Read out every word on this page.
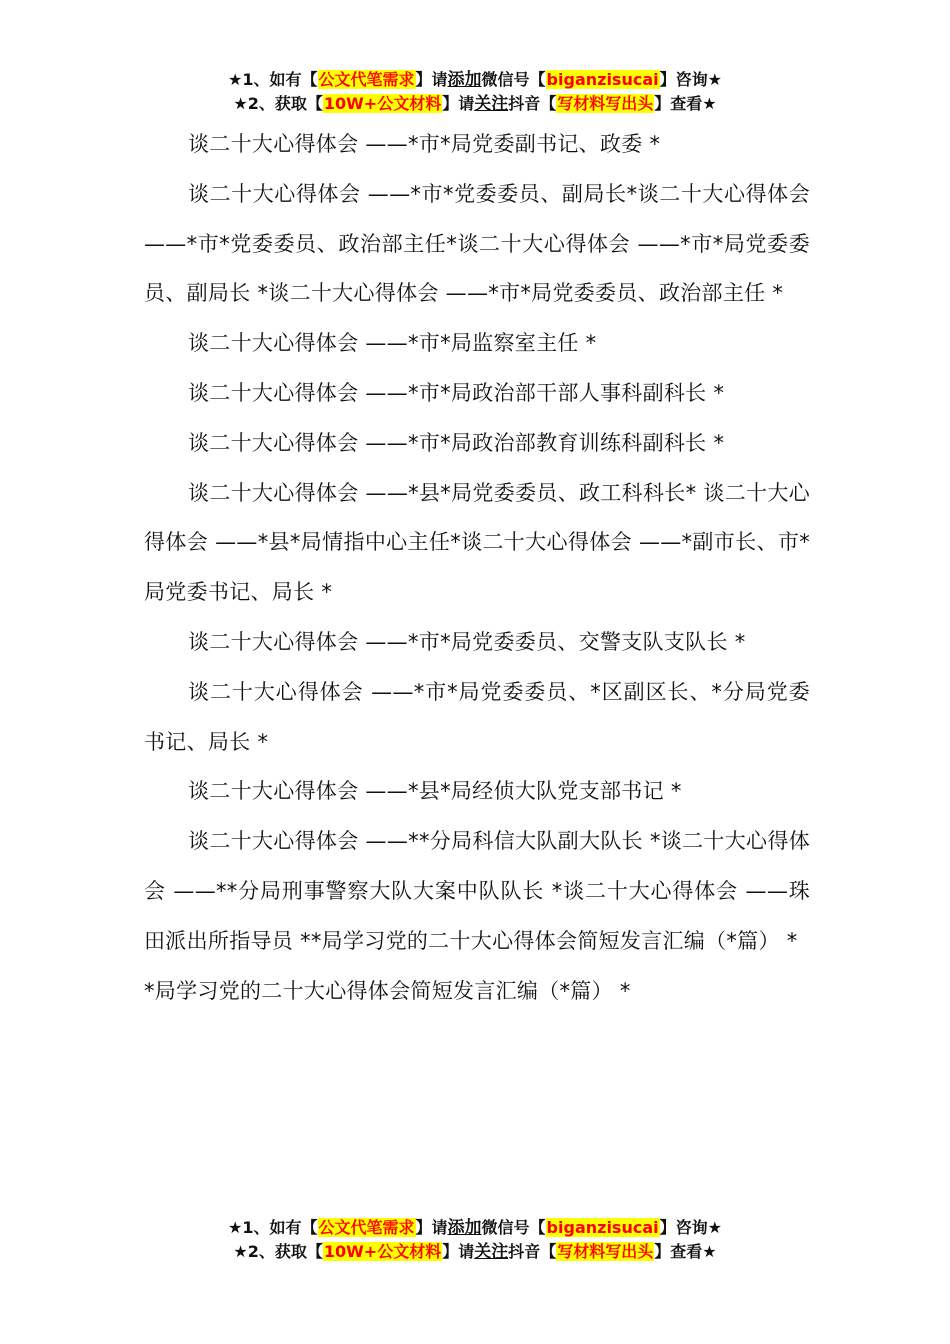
★1、如有【公文代笔需求】请添加微信号【biganzisucai】咨询★
★2、获取【10W+公文材料】请关注抖音【写材料写出头】查看★

谈二十大心得体会 ——*市*局党委副书记、政委 *

谈二十大心得体会 ——*市*党委委员、副局长*谈二十大心得体会 ——*市*党委委员、政治部主任*谈二十大心得体会 ——*市*局党委委员、副局长 *谈二十大心得体会 ——*市*局党委委员、政治部主任 *

谈二十大心得体会 ——*市*局监察室主任 *

谈二十大心得体会 ——*市*局政治部干部人事科副科长 *

谈二十大心得体会 ——*市*局政治部教育训练科副科长 *

谈二十大心得体会 ——*县*局党委委员、政工科科长* 谈二十大心得体会 ——*县*局情指中心主任*谈二十大心得体会 ——*副市长、市*局党委书记、局长 *

谈二十大心得体会 ——*市*局党委委员、交警支队支队长 *

谈二十大心得体会 ——*市*局党委委员、*区副区长、*分局党委书记、局长 *

谈二十大心得体会 ——*县*局经侦大队党支部书记 *

谈二十大心得体会 ——**分局科信大队副大队长 *谈二十大心得体会 ——**分局刑事警察大队大案中队队长 *谈二十大心得体会 ——珠田派出所指导员 **局学习党的二十大心得体会简短发言汇编（*篇） *

*局学习党的二十大心得体会简短发言汇编（*篇） *

★1、如有【公文代笔需求】请添加微信号【biganzisucai】咨询★
★2、获取【10W+公文材料】请关注抖音【写材料写出头】查看★
